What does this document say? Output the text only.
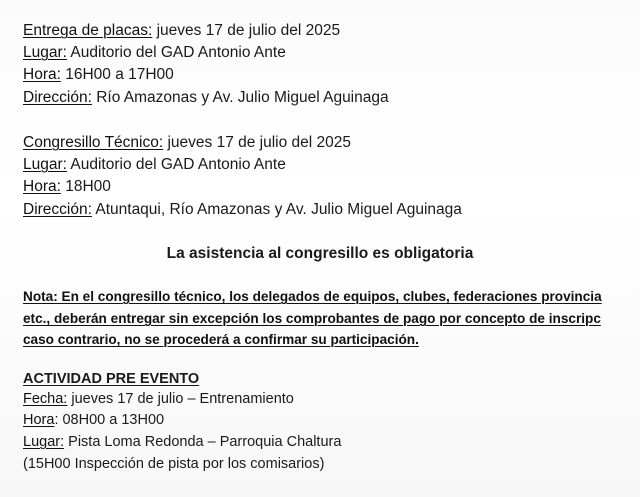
Entrega de placas: jueves 17 de julio del 2025
Lugar: Auditorio del GAD Antonio Ante
Hora: 16H00 a 17H00
Dirección: Río Amazonas y Av. Julio Miguel Aguinaga
Congresillo Técnico: jueves 17 de julio del 2025
Lugar: Auditorio del GAD Antonio Ante
Hora: 18H00
Dirección: Atuntaqui, Río Amazonas y Av. Julio Miguel Aguinaga
La asistencia al congresillo es obligatoria
Nota: En el congresillo técnico, los delegados de equipos, clubes, federaciones provincia
etc., deberán entregar sin excepción los comprobantes de pago por concepto de inscripc
caso contrario, no se procederá a confirmar su participación.
ACTIVIDAD PRE EVENTO
Fecha: jueves 17 de julio – Entrenamiento
Hora: 08H00 a 13H00
Lugar: Pista Loma Redonda – Parroquia Chaltura
(15H00 Inspección de pista por los comisarios)
